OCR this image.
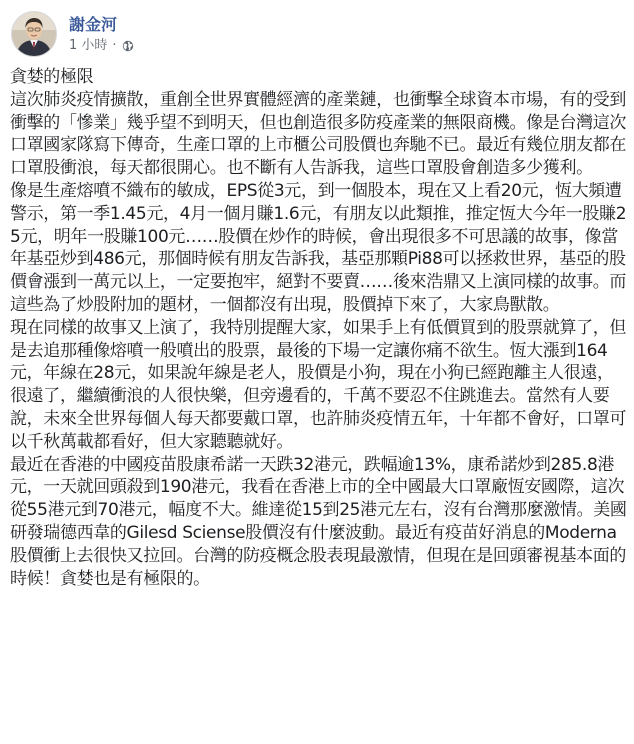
謝金河
1 小時 ·

貪婪的極限

這次肺炎疫情擴散，重創全世界實體經濟的產業鏈，也衝擊全球資本市場，有的受到衝擊的「慘業」幾乎望不到明天，但也創造很多防疫產業的無限商機。像是台灣這次口罩國家隊寫下傳奇，生產口罩的上市櫃公司股價也奔馳不已。最近有幾位朋友都在口罩股衝浪，每天都很開心。也不斷有人告訴我，這些口罩股會創造多少獲利。

像是生產熔噴不織布的敏成，EPS從3元，到一個股本，現在又上看20元，恆大頻遭警示，第一季1.45元，4月一個月賺1.6元，有朋友以此類推，推定恆大今年一股賺25元，明年一股賺100元……股價在炒作的時候，會出現很多不可思議的故事，像當年基亞炒到486元，那個時候有朋友告訴我，基亞那顆Pi88可以拯救世界，基亞的股價會漲到一萬元以上，一定要抱牢，絕對不要賣……後來浩鼎又上演同樣的故事。而這些為了炒股附加的題材，一個都沒有出現，股價掉下來了，大家鳥獸散。

現在同樣的故事又上演了，我特別提醒大家，如果手上有低價買到的股票就算了，但是去追那種像熔噴一般噴出的股票，最後的下場一定讓你痛不欲生。恆大漲到164元，年線在28元，如果說年線是老人，股價是小狗，現在小狗已經跑離主人很遠，很遠了，繼續衝浪的人很快樂，但旁邊看的，千萬不要忍不住跳進去。當然有人要說，未來全世界每個人每天都要戴口罩，也許肺炎疫情五年，十年都不會好，口罩可以千秋萬載都看好，但大家聽聽就好。

最近在香港的中國疫苗股康希諾一天跌32港元，跌幅逾13%，康希諾炒到285.8港元，一天就回頭殺到190港元，我看在香港上市的全中國最大口罩廠恆安國際，這次從55港元到70港元，幅度不大。維達從15到25港元左右，沒有台灣那麼激情。美國研發瑞德西韋的Gilesd Sciense股價沒有什麼波動。最近有疫苗好消息的Moderna股價衝上去很快又拉回。台灣的防疫概念股表現最激情，但現在是回頭審視基本面的時候！貪婪也是有極限的。
